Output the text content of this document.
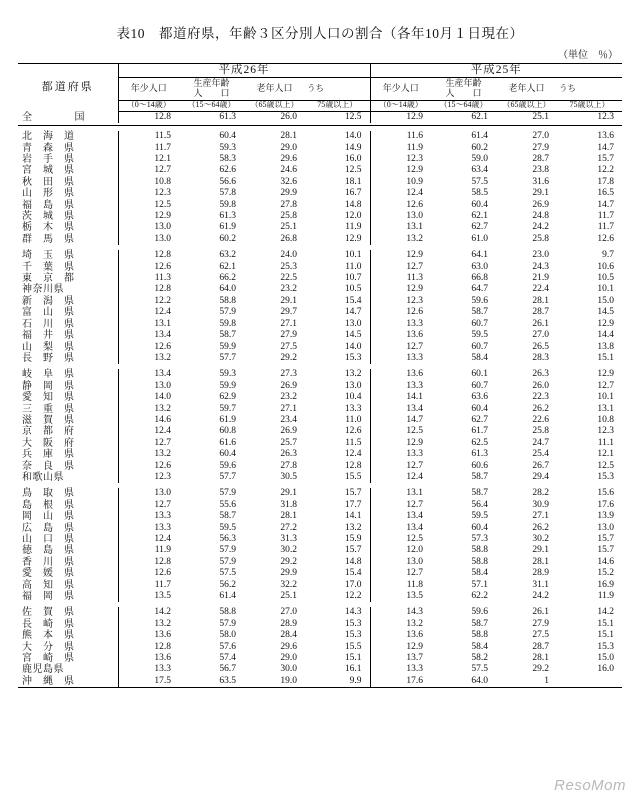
表10　都道府県，年齢３区分別人口の割合（各年10月１日現在）
（単位　％）
都道府県	平成26年				平成25年			
	年少人口	生産年齢
人　　口	老年人口	うち	年少人口	生産年齢
人　　口	老年人口	うち

	（0〜14歳）	（15〜64歳）	（65歳以上）	75歳以上）	（0〜14歳）	（15〜64歳）	（65歳以上）	75歳以上）
全　　　　国	12.8	61.3	26.0	12.5	12.9	62.1	25.1	12.3

北　海　道	11.5	60.4	28.1	14.0	11.6	61.4	27.0	13.6
青　森　県	11.7	59.3	29.0	14.9	11.9	60.2	27.9	14.7
岩　手　県	12.1	58.3	29.6	16.0	12.3	59.0	28.7	15.7
宮　城　県	12.7	62.6	24.6	12.5	12.9	63.4	23.8	12.2
秋　田　県	10.8	56.6	32.6	18.1	10.9	57.5	31.6	17.8
山　形　県	12.3	57.8	29.9	16.7	12.4	58.5	29.1	16.5
福　島　県	12.5	59.8	27.8	14.8	12.6	60.4	26.9	14.7
茨　城　県	12.9	61.3	25.8	12.0	13.0	62.1	24.8	11.7
栃　木　県	13.0	61.9	25.1	11.9	13.1	62.7	24.2	11.7
群　馬　県	13.0	60.2	26.8	12.9	13.2	61.0	25.8	12.6

埼　玉　県	12.8	63.2	24.0	10.1	12.9	64.1	23.0	9.7
千　葉　県	12.6	62.1	25.3	11.0	12.7	63.0	24.3	10.6
東　京　都	11.3	66.2	22.5	10.7	11.3	66.8	21.9	10.5
神奈川県	12.8	64.0	23.2	10.5	12.9	64.7	22.4	10.1
新　潟　県	12.2	58.8	29.1	15.4	12.3	59.6	28.1	15.0
富　山　県	12.4	57.9	29.7	14.7	12.6	58.7	28.7	14.5
石　川　県	13.1	59.8	27.1	13.0	13.3	60.7	26.1	12.9
福　井　県	13.4	58.7	27.9	14.5	13.6	59.5	27.0	14.4
山　梨　県	12.6	59.9	27.5	14.0	12.7	60.7	26.5	13.8
長　野　県	13.2	57.7	29.2	15.3	13.3	58.4	28.3	15.1

岐　阜　県	13.4	59.3	27.3	13.2	13.6	60.1	26.3	12.9
静　岡　県	13.0	59.9	26.9	13.0	13.3	60.7	26.0	12.7
愛　知　県	14.0	62.9	23.2	10.4	14.1	63.6	22.3	10.1
三　重　県	13.2	59.7	27.1	13.3	13.4	60.4	26.2	13.1
滋　賀　県	14.6	61.9	23.4	11.0	14.7	62.7	22.6	10.8
京　都　府	12.4	60.8	26.9	12.6	12.5	61.7	25.8	12.3
大　阪　府	12.7	61.6	25.7	11.5	12.9	62.5	24.7	11.1
兵　庫　県	13.2	60.4	26.3	12.4	13.3	61.3	25.4	12.1
奈　良　県	12.6	59.6	27.8	12.8	12.7	60.6	26.7	12.5
和歌山県	12.3	57.7	30.5	15.5	12.4	58.7	29.4	15.3

鳥　取　県	13.0	57.9	29.1	15.7	13.1	58.7	28.2	15.6
島　根　県	12.7	55.6	31.8	17.7	12.7	56.4	30.9	17.6
岡　山　県	13.3	58.7	28.1	14.1	13.4	59.5	27.1	13.9
広　島　県	13.3	59.5	27.2	13.2	13.4	60.4	26.2	13.0
山　口　県	12.4	56.3	31.3	15.9	12.5	57.3	30.2	15.7
徳　島　県	11.9	57.9	30.2	15.7	12.0	58.8	29.1	15.7
香　川　県	12.8	57.9	29.2	14.8	13.0	58.8	28.1	14.6
愛　媛　県	12.6	57.5	29.9	15.4	12.7	58.4	28.9	15.2
高　知　県	11.7	56.2	32.2	17.0	11.8	57.1	31.1	16.9
福　岡　県	13.5	61.4	25.1	12.2	13.5	62.2	24.2	11.9

佐　賀　県	14.2	58.8	27.0	14.3	14.3	59.6	26.1	14.2
長　崎　県	13.2	57.9	28.9	15.3	13.2	58.7	27.9	15.1
熊　本　県	13.6	58.0	28.4	15.3	13.6	58.8	27.5	15.1
大　分　県	12.8	57.6	29.6	15.5	12.9	58.4	28.7	15.3
宮　崎　県	13.6	57.4	29.0	15.1	13.7	58.2	28.1	15.0
鹿児島県	13.3	56.7	30.0	16.1	13.3	57.5	29.2	16.0
沖　縄　県	17.5	63.5	19.0	9.9	17.6	64.0	1	
ResoMom
